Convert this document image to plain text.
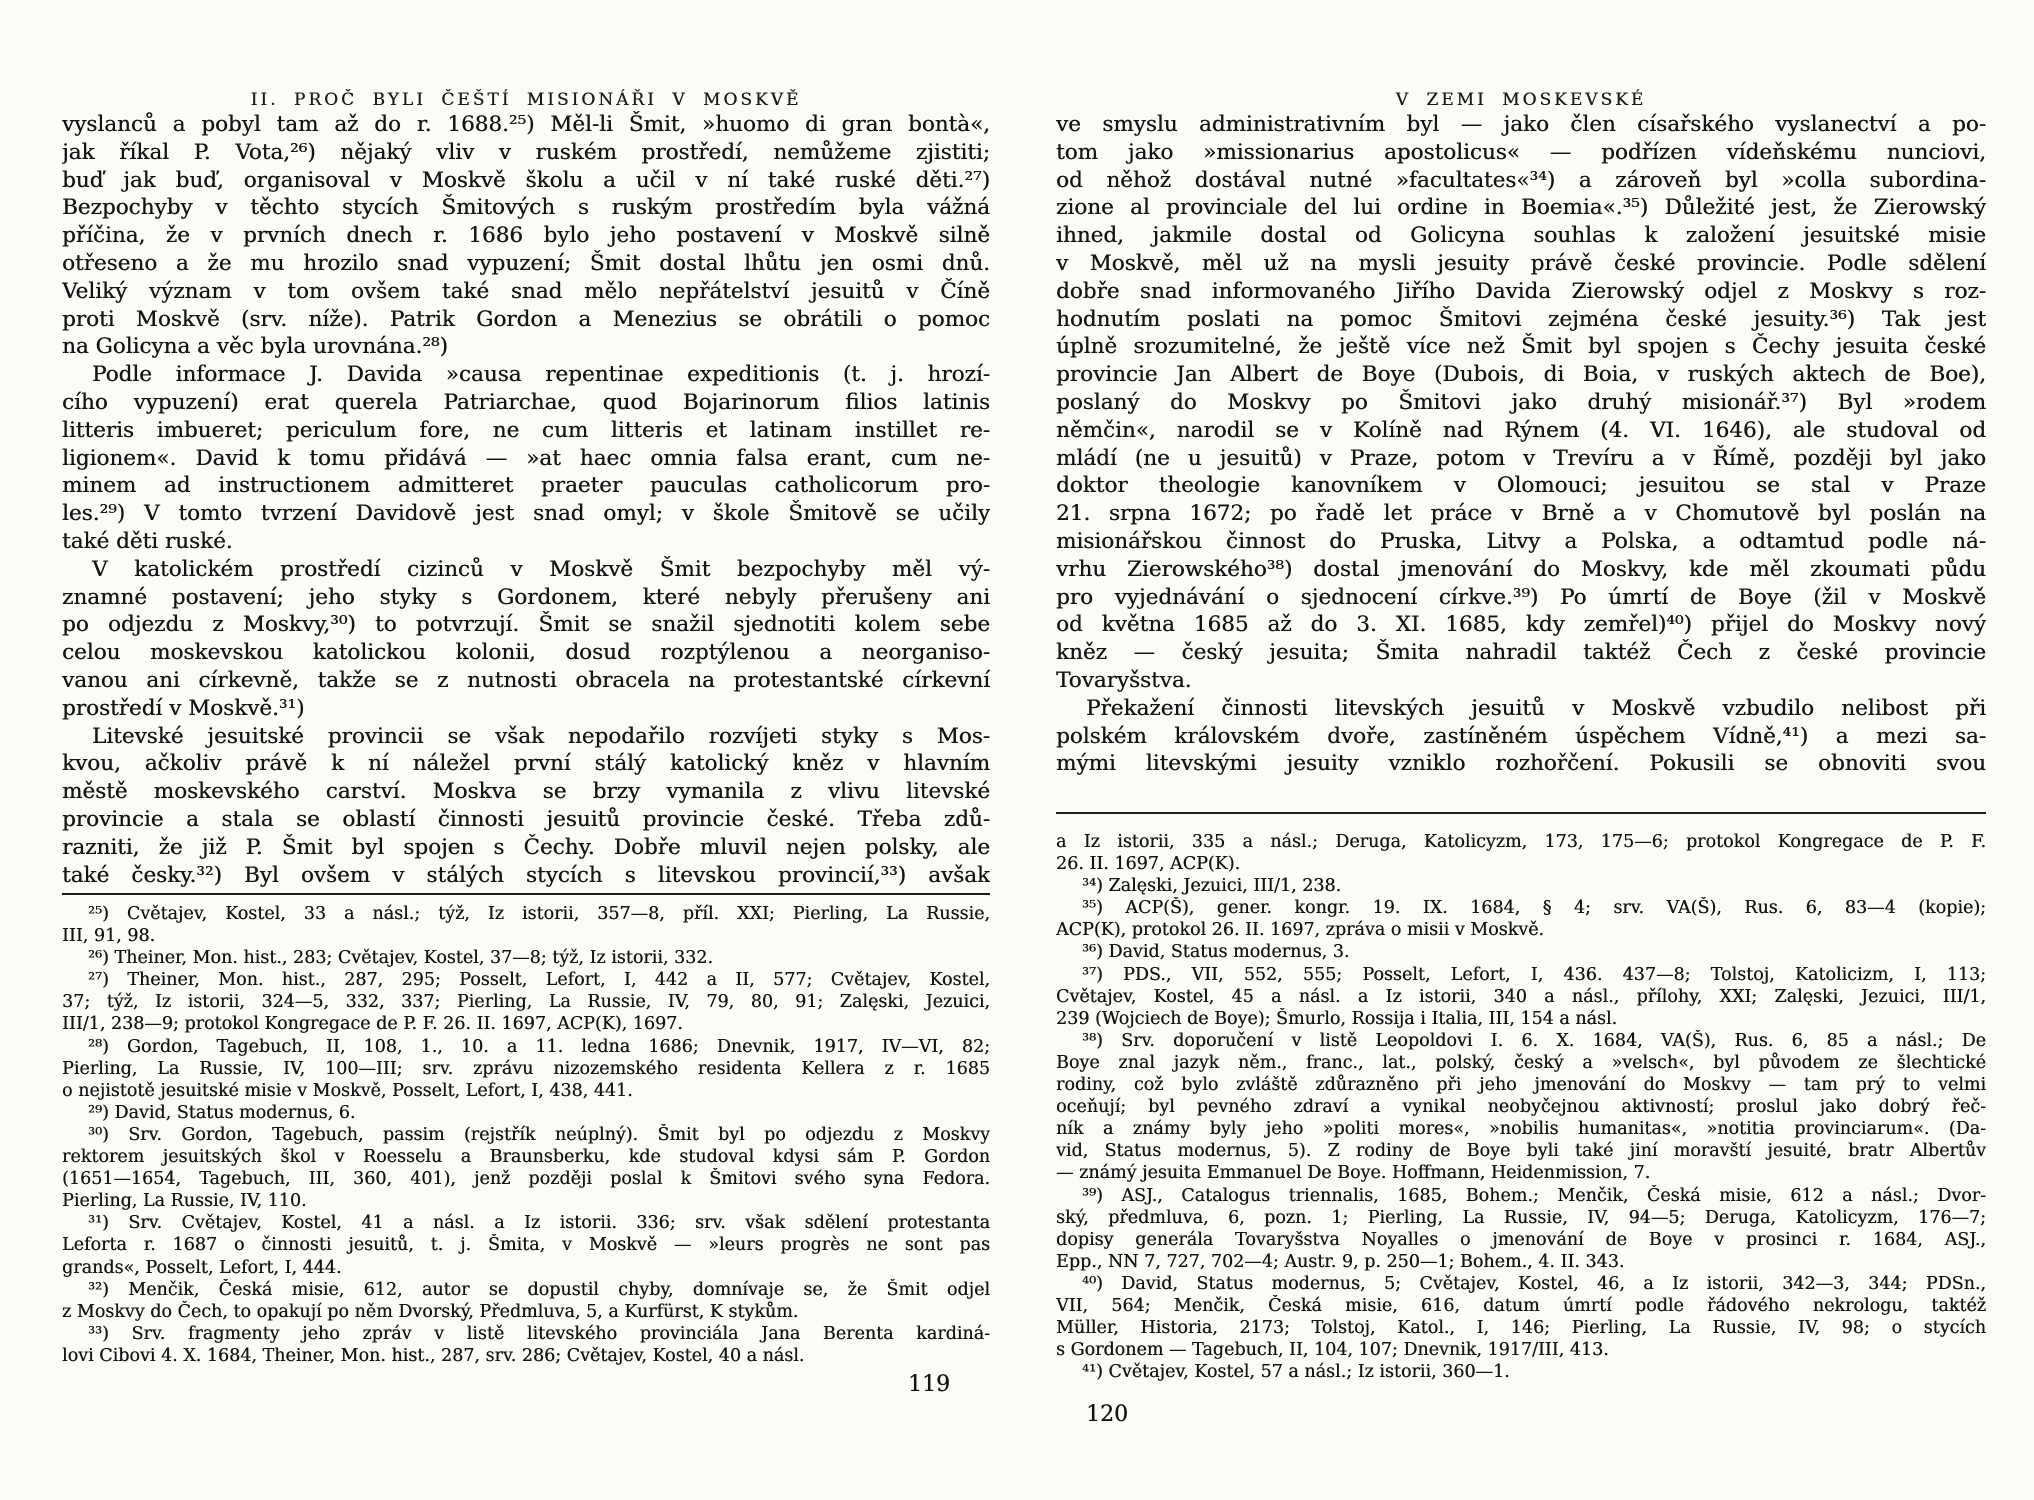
II. PROČ BYLI ČEŠTÍ MISIONÁŘI V MOSKVĚ
vyslanců a pobyl tam až do r. 1688.²⁵) Měl-li Šmit, »huomo di gran bontà«,
jak říkal P. Vota,²⁶) nějaký vliv v ruském prostředí, nemůžeme zjistiti;
buď jak buď, organisoval v Moskvě školu a učil v ní také ruské děti.²⁷)
Bezpochyby v těchto stycích Šmitových s ruským prostředím byla vážná
příčina, že v prvních dnech r. 1686 bylo jeho postavení v Moskvě silně
otřeseno a že mu hrozilo snad vypuzení; Šmit dostal lhůtu jen osmi dnů.
Veliký význam v tom ovšem také snad mělo nepřátelství jesuitů v Číně
proti Moskvě (srv. níže). Patrik Gordon a Menezius se obrátili o pomoc
na Golicyna a věc byla urovnána.²⁸)
Podle informace J. Davida »causa repentinae expeditionis (t. j. hrozí-
cího vypuzení) erat querela Patriarchae, quod Bojarinorum filios latinis
litteris imbueret; periculum fore, ne cum litteris et latinam instillet re-
ligionem«. David k tomu přidává — »at haec omnia falsa erant, cum ne-
minem ad instructionem admitteret praeter pauculas catholicorum pro-
les.²⁹) V tomto tvrzení Davidově jest snad omyl; v škole Šmitově se učily
také děti ruské.
V katolickém prostředí cizinců v Moskvě Šmit bezpochyby měl vý-
znamné postavení; jeho styky s Gordonem, které nebyly přerušeny ani
po odjezdu z Moskvy,³⁰) to potvrzují. Šmit se snažil sjednotiti kolem sebe
celou moskevskou katolickou kolonii, dosud rozptýlenou a neorganiso-
vanou ani církevně, takže se z nutnosti obracela na protestantské církevní
prostředí v Moskvě.³¹)
Litevské jesuitské provincii se však nepodařilo rozvíjeti styky s Mos-
kvou, ačkoliv právě k ní náležel první stálý katolický kněz v hlavním
městě moskevského carství. Moskva se brzy vymanila z vlivu litevské
provincie a stala se oblastí činnosti jesuitů provincie české. Třeba zdů-
razniti, že již P. Šmit byl spojen s Čechy. Dobře mluvil nejen polsky, ale
také česky.³²) Byl ovšem v stálých stycích s litevskou provincií,³³) avšak
²⁵) Cvětajev, Kostel, 33 a násl.; týž, Iz istorii, 357—8, příl. XXI; Pierling, La Russie,
III, 91, 98.
²⁶) Theiner, Mon. hist., 283; Cvětajev, Kostel, 37—8; týž, Iz istorii, 332.
²⁷) Theiner, Mon. hist., 287, 295; Posselt, Lefort, I, 442 a II, 577; Cvětajev, Kostel,
37; týž, Iz istorii, 324—5, 332, 337; Pierling, La Russie, IV, 79, 80, 91; Zalęski, Jezuici,
III/1, 238—9; protokol Kongregace de P. F. 26. II. 1697, ACP(K), 1697.
²⁸) Gordon, Tagebuch, II, 108, 1., 10. a 11. ledna 1686; Dnevnik, 1917, IV—VI, 82;
Pierling, La Russie, IV, 100—III; srv. zprávu nizozemského residenta Kellera z r. 1685
o nejistotě jesuitské misie v Moskvě, Posselt, Lefort, I, 438, 441.
²⁹) David, Status modernus, 6.
³⁰) Srv. Gordon, Tagebuch, passim (rejstřík neúplný). Šmit byl po odjezdu z Moskvy
rektorem jesuitských škol v Roesselu a Braunsberku, kde studoval kdysi sám P. Gordon
(1651—1654, Tagebuch, III, 360, 401), jenž později poslal k Šmitovi svého syna Fedora.
Pierling, La Russie, IV, 110.
³¹) Srv. Cvětajev, Kostel, 41 a násl. a Iz istorii. 336; srv. však sdělení protestanta
Leforta r. 1687 o činnosti jesuitů, t. j. Šmita, v Moskvě — »leurs progrès ne sont pas
grands«, Posselt, Lefort, I, 444.
³²) Menčik, Česká misie, 612, autor se dopustil chyby, domnívaje se, že Šmit odjel
z Moskvy do Čech, to opakují po něm Dvorský, Předmluva, 5, a Kurfürst, K stykům.
³³) Srv. fragmenty jeho zpráv v listě litevského provinciála Jana Berenta kardiná-
lovi Cibovi 4. X. 1684, Theiner, Mon. hist., 287, srv. 286; Cvětajev, Kostel, 40 a násl.
119
V ZEMI MOSKEVSKÉ
ve smyslu administrativním byl — jako člen císařského vyslanectví a po-
tom jako »missionarius apostolicus« — podřízen vídeňskému nunciovi,
od něhož dostával nutné »facultates«³⁴) a zároveň byl »colla subordina-
zione al provinciale del lui ordine in Boemia«.³⁵) Důležité jest, že Zierowský
ihned, jakmile dostal od Golicyna souhlas k založení jesuitské misie
v Moskvě, měl už na mysli jesuity právě české provincie. Podle sdělení
dobře snad informovaného Jiřího Davida Zierowský odjel z Moskvy s roz-
hodnutím poslati na pomoc Šmitovi zejména české jesuity.³⁶) Tak jest
úplně srozumitelné, že ještě více než Šmit byl spojen s Čechy jesuita české
provincie Jan Albert de Boye (Dubois, di Boia, v ruských aktech de Boe),
poslaný do Moskvy po Šmitovi jako druhý misionář.³⁷) Byl »rodem
němčin«, narodil se v Kolíně nad Rýnem (4. VI. 1646), ale studoval od
mládí (ne u jesuitů) v Praze, potom v Trevíru a v Římě, později byl jako
doktor theologie kanovníkem v Olomouci; jesuitou se stal v Praze
21. srpna 1672; po řadě let práce v Brně a v Chomutově byl poslán na
misionářskou činnost do Pruska, Litvy a Polska, a odtamtud podle ná-
vrhu Zierowského³⁸) dostal jmenování do Moskvy, kde měl zkoumati půdu
pro vyjednávání o sjednocení církve.³⁹) Po úmrtí de Boye (žil v Moskvě
od května 1685 až do 3. XI. 1685, kdy zemřel)⁴⁰) přijel do Moskvy nový
kněz — český jesuita; Šmita nahradil taktéž Čech z české provincie
Tovaryšstva.
Překažení činnosti litevských jesuitů v Moskvě vzbudilo nelibost při
polském královském dvoře, zastíněném úspěchem Vídně,⁴¹) a mezi sa-
mými litevskými jesuity vzniklo rozhořčení. Pokusili se obnoviti svou
a Iz istorii, 335 a násl.; Deruga, Katolicyzm, 173, 175—6; protokol Kongregace de P. F.
26. II. 1697, ACP(K).
³⁴) Zalęski, Jezuici, III/1, 238.
³⁵) ACP(Š), gener. kongr. 19. IX. 1684, § 4; srv. VA(Š), Rus. 6, 83—4 (kopie);
ACP(K), protokol 26. II. 1697, zpráva o misii v Moskvě.
³⁶) David, Status modernus, 3.
³⁷) PDS., VII, 552, 555; Posselt, Lefort, I, 436. 437—8; Tolstoj, Katolicizm, I, 113;
Cvětajev, Kostel, 45 a násl. a Iz istorii, 340 a násl., přílohy, XXI; Zalęski, Jezuici, III/1,
239 (Wojciech de Boye); Šmurlo, Rossija i Italia, III, 154 a násl.
³⁸) Srv. doporučení v listě Leopoldovi I. 6. X. 1684, VA(Š), Rus. 6, 85 a násl.; De
Boye znal jazyk něm., franc., lat., polský, český a »velsch«, byl původem ze šlechtické
rodiny, což bylo zvláště zdůrazněno při jeho jmenování do Moskvy — tam prý to velmi
oceňují; byl pevného zdraví a vynikal neobyčejnou aktivností; proslul jako dobrý řeč-
ník a známy byly jeho »politi mores«, »nobilis humanitas«, »notitia provinciarum«. (Da-
vid, Status modernus, 5). Z rodiny de Boye byli také jiní moravští jesuité, bratr Albertův
— známý jesuita Emmanuel De Boye. Hoffmann, Heidenmission, 7.
³⁹) ASJ., Catalogus triennalis, 1685, Bohem.; Menčik, Česká misie, 612 a násl.; Dvor-
ský, předmluva, 6, pozn. 1; Pierling, La Russie, IV, 94—5; Deruga, Katolicyzm, 176—7;
dopisy generála Tovaryšstva Noyalles o jmenování de Boye v prosinci r. 1684, ASJ.,
Epp., NN 7, 727, 702—4; Austr. 9, p. 250—1; Bohem., 4. II. 343.
⁴⁰) David, Status modernus, 5; Cvětajev, Kostel, 46, a Iz istorii, 342—3, 344; PDSn.,
VII, 564; Menčik, Česká misie, 616, datum úmrtí podle řádového nekrologu, taktéž
Müller, Historia, 2173; Tolstoj, Katol., I, 146; Pierling, La Russie, IV, 98; o stycích
s Gordonem — Tagebuch, II, 104, 107; Dnevnik, 1917/III, 413.
⁴¹) Cvětajev, Kostel, 57 a násl.; Iz istorii, 360—1.
120
